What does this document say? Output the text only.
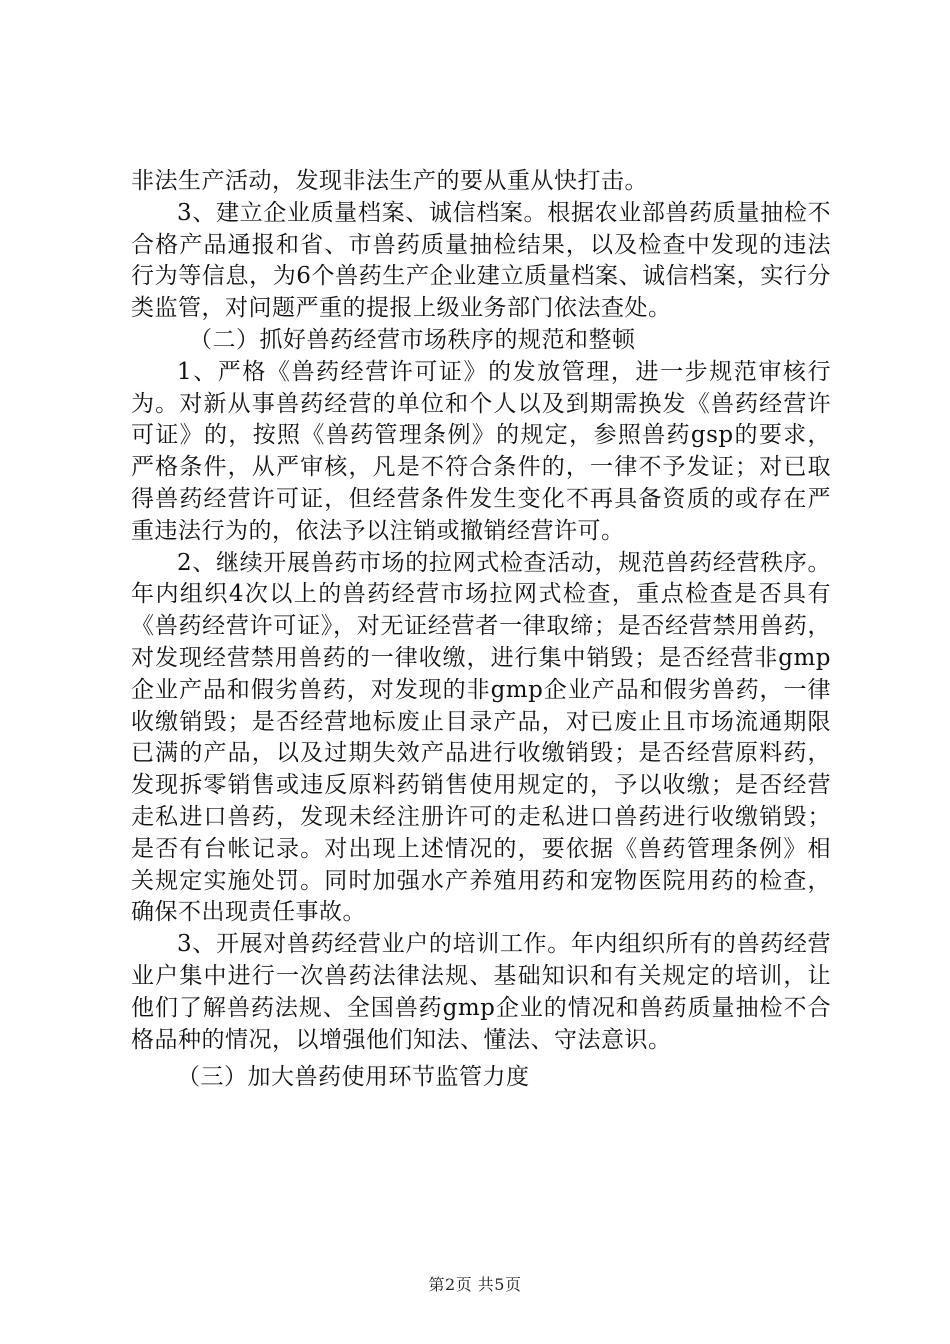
非法生产活动，发现非法生产的要从重从快打击。

3、建立企业质量档案、诚信档案。根据农业部兽药质量抽检不合格产品通报和省、市兽药质量抽检结果，以及检查中发现的违法行为等信息，为6个兽药生产企业建立质量档案、诚信档案，实行分类监管，对问题严重的提报上级业务部门依法查处。

（二）抓好兽药经营市场秩序的规范和整顿

1、严格《兽药经营许可证》的发放管理，进一步规范审核行为。对新从事兽药经营的单位和个人以及到期需换发《兽药经营许可证》的，按照《兽药管理条例》的规定，参照兽药gsp的要求，严格条件，从严审核，凡是不符合条件的，一律不予发证；对已取得兽药经营许可证，但经营条件发生变化不再具备资质的或存在严重违法行为的，依法予以注销或撤销经营许可。

2、继续开展兽药市场的拉网式检查活动，规范兽药经营秩序。年内组织4次以上的兽药经营市场拉网式检查，重点检查是否具有《兽药经营许可证》，对无证经营者一律取缔；是否经营禁用兽药，对发现经营禁用兽药的一律收缴，进行集中销毁；是否经营非gmp企业产品和假劣兽药，对发现的非gmp企业产品和假劣兽药，一律收缴销毁；是否经营地标废止目录产品，对已废止且市场流通期限已满的产品，以及过期失效产品进行收缴销毁；是否经营原料药，发现拆零销售或违反原料药销售使用规定的，予以收缴；是否经营走私进口兽药，发现未经注册许可的走私进口兽药进行收缴销毁；是否有台帐记录。对出现上述情况的，要依据《兽药管理条例》相关规定实施处罚。同时加强水产养殖用药和宠物医院用药的检查，确保不出现责任事故。

3、开展对兽药经营业户的培训工作。年内组织所有的兽药经营业户集中进行一次兽药法律法规、基础知识和有关规定的培训，让他们了解兽药法规、全国兽药gmp企业的情况和兽药质量抽检不合格品种的情况，以增强他们知法、懂法、守法意识。

（三）加大兽药使用环节监管力度

第2页 共5页
